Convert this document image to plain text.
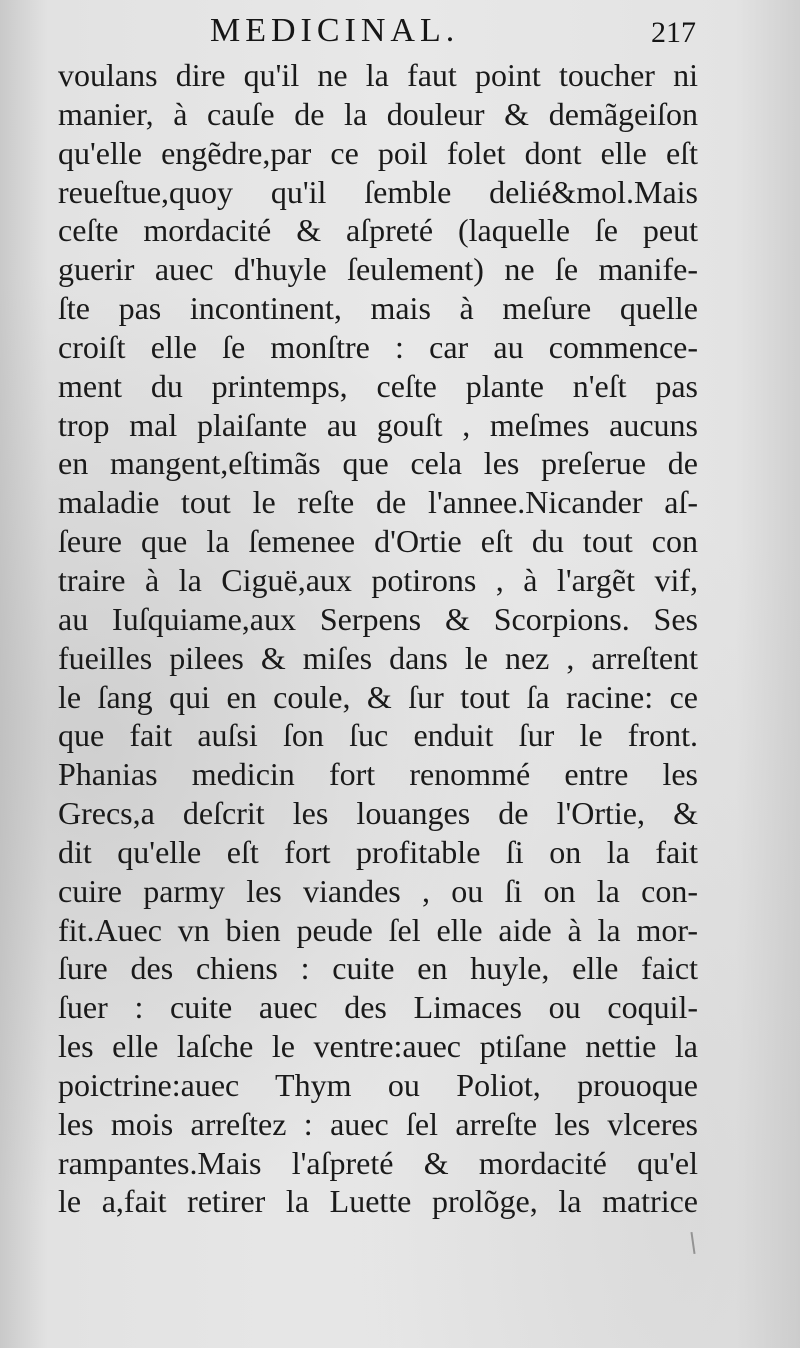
MEDICINAL.	217
voulans dire qu'il ne la faut point toucher ni
manier, à cauſe de la douleur & demãgeiſon
qu'elle engẽdre,par ce poil folet dont elle eſt
reueſtue,quoy qu'il ſemble delié&mol.Mais
ceſte mordacité & aſpreté (laquelle ſe peut
guerir auec d'huyle ſeulement) ne ſe manife-
ſte pas incontinent, mais à meſure quelle
croiſt elle ſe monſtre : car au commence-
ment du printemps, ceſte plante n'eſt pas
trop mal plaiſante au gouſt , meſmes aucuns
en mangent,eſtimãs que cela les preſerue de
maladie tout le reſte de l'annee.Nicander aſ-
ſeure que la ſemenee d'Ortie eſt du tout con
traire à la Ciguë,aux potirons , à l'argẽt vif,
au Iuſquiame,aux Serpens & Scorpions. Ses
fueilles pilees & miſes dans le nez , arreſtent
le ſang qui en coule, & ſur tout ſa racine: ce
que fait auſsi ſon ſuc enduit ſur le front.
Phanias medicin fort renommé entre les
Grecs,a deſcrit les louanges de l'Ortie, &
dit qu'elle eſt fort profitable ſi on la fait
cuire parmy les viandes , ou ſi on la con-
fit.Auec vn bien peude ſel elle aide à la mor-
ſure des chiens : cuite en huyle, elle faict
ſuer : cuite auec des Limaces ou coquil-
les elle laſche le ventre:auec ptiſane nettie la
poictrine:auec Thym ou Poliot, prouoque
les mois arreſtez : auec ſel arreſte les vlceres
rampantes.Mais l'aſpreté & mordacité qu'el
le a,fait retirer la Luette prolõge, la matrice
